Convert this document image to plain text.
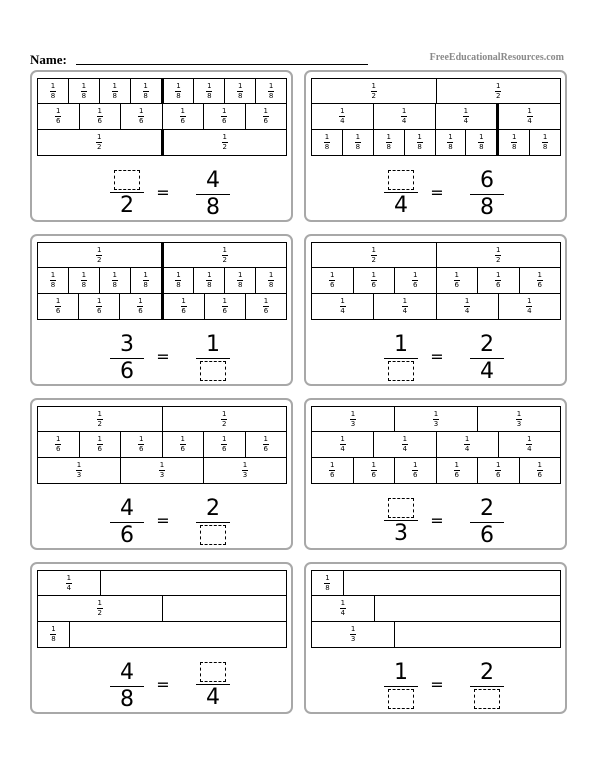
Name:	FreeEducationalResources.com
1
8
1
8
1
8
1
8
1
8
1
8
1
8
1
8
1
6
1
6
1
6
1
6
1
6
1
6
1
2
1
2
2
= 4
8
1
2
1
2
1
4
1
4
1
4
1
4
1
8
1
8
1
8
1
8
1
8
1
8
1
8
1
8
4
= 6
8
1
2
1
2
1
8
1
8
1
8
1
8
1
8
1
8
1
8
1
8
1
6
1
6
1
6
1
6
1
6
1
6
3
6
= 1
1
2
1
2
1
6
1
6
1
6
1
6
1
6
1
6
1
4
1
4
1
4
1
4
1 = 2
4
1
2
1
2
1
6
1
6
1
6
1
6
1
6
1
6
1
3
1
3
1
3
4
6
= 2
1
3
1
3
1
3
1
4
1
4
1
4
1
4
1
6
1
6
1
6
1
6
1
6
1
6
3
= 2
6
1
4
1
2
1
8
4
8
=
4
1
8
1
4
1
3
1 = 2
